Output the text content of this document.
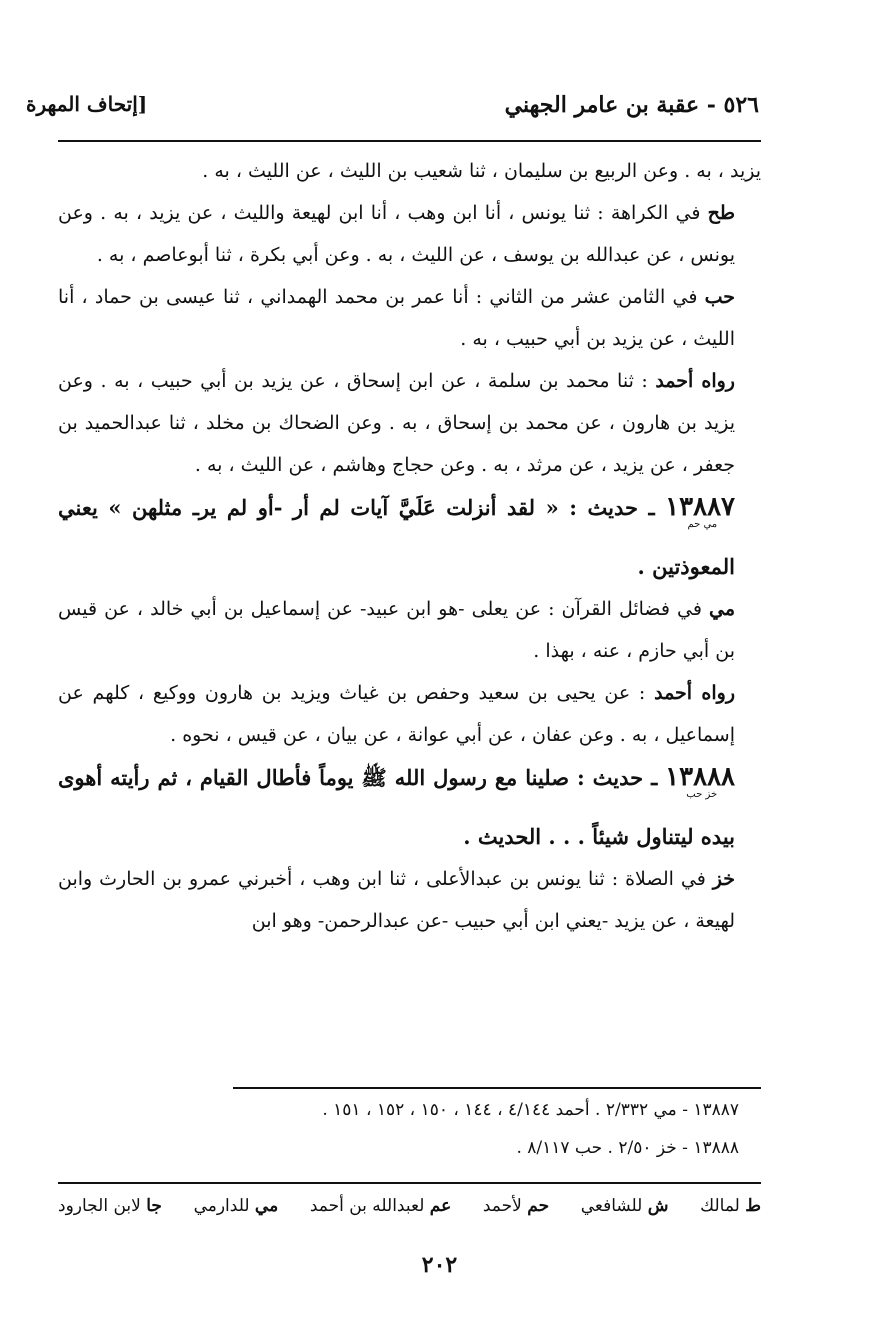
٥٢٦ - عقبة بن عامر الجهني
[إتحاف المهرة

يزيد ، به . وعن الربيع بن سليمان ، ثنا شعيب بن الليث ، عن الليث ، به .

طح في الكراهة : ثنا يونس ، أنا ابن وهب ، أنا ابن لهيعة والليث ، عن يزيد ، به . وعن يونس ، عن عبدالله بن يوسف ، عن الليث ، به . وعن أبي بكرة ، ثنا أبوعاصم ، به .

حب في الثامن عشر من الثاني : أنا عمر بن محمد الهمداني ، ثنا عيسى بن حماد ، أنا الليث ، عن يزيد بن أبي حبيب ، به .

رواه أحمد : ثنا محمد بن سلمة ، عن ابن إسحاق ، عن يزيد بن أبي حبيب ، به . وعن يزيد بن هارون ، عن محمد بن إسحاق ، به . وعن الضحاك بن مخلد ، ثنا عبدالحميد بن جعفر ، عن يزيد ، عن مرثد ، به . وعن حجاج وهاشم ، عن الليث ، به .

١٣٨٨٧مي حم ـ حديث : « لقد أنزلت عَلَيَّ آيات لم أر -أو لم يرـ مثلهن » يعني المعوذتين .

مي في فضائل القرآن : عن يعلى -هو ابن عبيد- عن إسماعيل بن أبي خالد ، عن قيس بن أبي حازم ، عنه ، بهذا .

رواه أحمد : عن يحيى بن سعيد وحفص بن غياث ويزيد بن هارون ووكيع ، كلهم عن إسماعيل ، به . وعن عفان ، عن أبي عوانة ، عن بيان ، عن قيس ، نحوه .

١٣٨٨٨خز حب ـ حديث : صلينا مع رسول الله ﷺ يوماً فأطال القيام ، ثم رأيته أهوى بيده ليتناول شيئاً . . . الحديث .

خز في الصلاة : ثنا يونس بن عبدالأعلى ، ثنا ابن وهب ، أخبرني عمرو بن الحارث وابن لهيعة ، عن يزيد -يعني ابن أبي حبيب -عن عبدالرحمن- وهو ابن

١٣٨٨٧ - مي ٢/٣٣٢ . أحمد ٤/١٤٤ ، ١٤٤ ، ١٥٠ ، ١٥٢ ، ١٥١ .
١٣٨٨٨ - خز ٢/٥٠ . حب ٨/١١٧ .
ط لمالك
ش للشافعي
حم لأحمد
عم لعبدالله بن أحمد
مي للدارمي
جا لابن الجارود
٢٠٢
